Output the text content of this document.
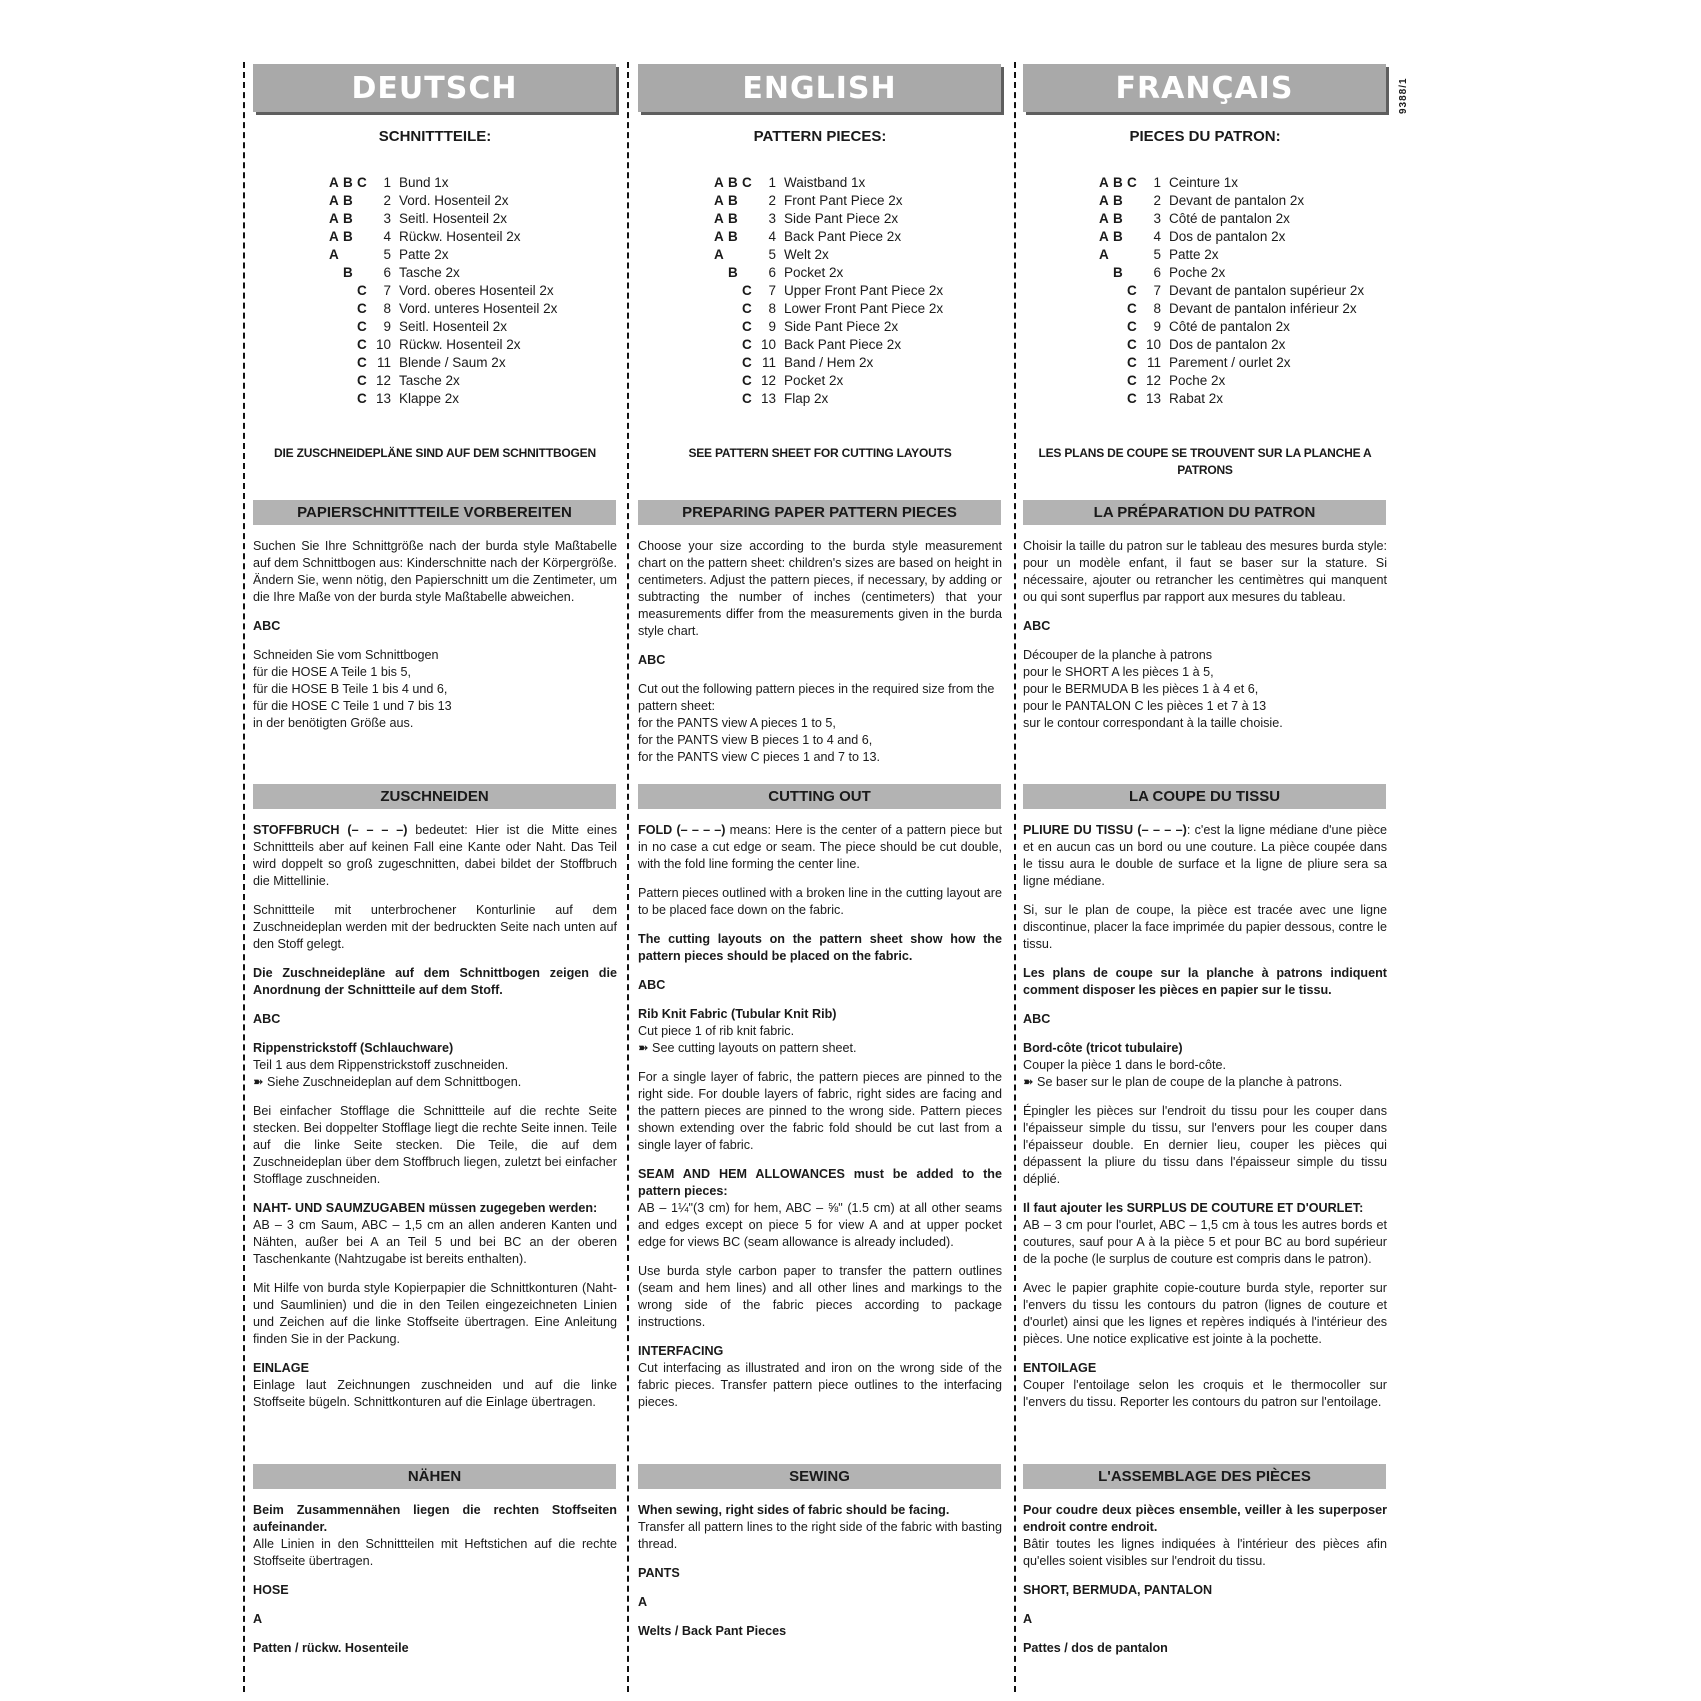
9388/1
DEUTSCH
SCHNITTTEILE:
A B C	1 Bund 1x
A B	2 Vord. Hosenteil 2x
A B	3 Seitl. Hosenteil 2x
A B	4 Rückw. Hosenteil 2x
A	5 Patte 2x
B	6 Tasche 2x
C	7 Vord. oberes Hosenteil 2x
C	8 Vord. unteres Hosenteil 2x
C	9 Seitl. Hosenteil 2x
C 10 Rückw. Hosenteil 2x
C 11 Blende / Saum 2x
C 12 Tasche 2x
C 13 Klappe 2x
DIE ZUSCHNEIDEPLÄNE SIND AUF DEM SCHNITTBOGEN
PAPIERSCHNITTTEILE VORBEREITEN

Suchen Sie Ihre Schnittgröße nach der burda style Maßtabelle auf dem Schnittbogen aus: Kinderschnitte nach der Körpergröße. Ändern Sie, wenn nötig, den Papierschnitt um die Zentimeter, um die Ihre Maße von der burda style Maßtabelle abweichen.

ABC

Schneiden Sie vom Schnittbogen

für die HOSE A Teile 1 bis 5,

für die HOSE B Teile 1 bis 4 und 6,

für die HOSE C Teile 1 und 7 bis 13

in der benötigten Größe aus.

ZUSCHNEIDEN

STOFFBRUCH (– – – –) bedeutet: Hier ist die Mitte eines Schnittteils aber auf keinen Fall eine Kante oder Naht. Das Teil wird doppelt so groß zugeschnitten, dabei bildet der Stoffbruch die Mittellinie.

Schnittteile mit unterbrochener Konturlinie auf dem Zuschneideplan werden mit der bedruckten Seite nach unten auf den Stoff gelegt.

Die Zuschneidepläne auf dem Schnittbogen zeigen die Anordnung der Schnittteile auf dem Stoff.

ABC

Rippenstrickstoff (Schlauchware)

Teil 1 aus dem Rippenstrickstoff zuschneiden.

➽ Siehe Zuschneideplan auf dem Schnittbogen.

Bei einfacher Stofflage die Schnittteile auf die rechte Seite stecken. Bei doppelter Stofflage liegt die rechte Seite innen. Teile auf die linke Seite stecken. Die Teile, die auf dem Zuschneideplan über dem Stoffbruch liegen, zuletzt bei einfacher Stofflage zuschneiden.

NAHT- UND SAUMZUGABEN müssen zugegeben werden:

AB – 3 cm Saum, ABC – 1,5 cm an allen anderen Kanten und Nähten, außer bei A an Teil 5 und bei BC an der oberen Taschenkante (Nahtzugabe ist bereits enthalten).

Mit Hilfe von burda style Kopierpapier die Schnittkonturen (Naht- und Saumlinien) und die in den Teilen eingezeichneten Linien und Zeichen auf die linke Stoffseite übertragen. Eine Anleitung finden Sie in der Packung.

EINLAGE

Einlage laut Zeichnungen zuschneiden und auf die linke Stoffseite bügeln. Schnittkonturen auf die Einlage übertragen.

NÄHEN

Beim Zusammennähen liegen die rechten Stoffseiten aufeinander.

Alle Linien in den Schnittteilen mit Heftstichen auf die rechte Stoffseite übertragen.

HOSE

A

Patten / rückw. Hosenteile

ENGLISH
PATTERN PIECES:
A B C	1 Waistband 1x
A B	2 Front Pant Piece 2x
A B	3 Side Pant Piece 2x
A B	4 Back Pant Piece 2x
A	5 Welt 2x
B	6 Pocket 2x
C	7 Upper Front Pant Piece 2x
C	8 Lower Front Pant Piece 2x
C	9 Side Pant Piece 2x
C 10 Back Pant Piece 2x
C 11 Band / Hem 2x
C 12 Pocket 2x
C 13 Flap 2x
SEE PATTERN SHEET FOR CUTTING LAYOUTS
PREPARING PAPER PATTERN PIECES

Choose your size according to the burda style measurement chart on the pattern sheet: children's sizes are based on height in centimeters. Adjust the pattern pieces, if necessary, by adding or subtracting the number of inches (centimeters) that your measurements differ from the measurements given in the burda style chart.

ABC

Cut out the following pattern pieces in the required size from the pattern sheet:

for the PANTS view A pieces 1 to 5,

for the PANTS view B pieces 1 to 4 and 6,

for the PANTS view C pieces 1 and 7 to 13.

CUTTING OUT

FOLD (– – – –) means: Here is the center of a pattern piece but in no case a cut edge or seam. The piece should be cut double, with the fold line forming the center line.

Pattern pieces outlined with a broken line in the cutting layout are to be placed face down on the fabric.

The cutting layouts on the pattern sheet show how the pattern pieces should be placed on the fabric.

ABC

Rib Knit Fabric (Tubular Knit Rib)

Cut piece 1 of rib knit fabric.

➽ See cutting layouts on pattern sheet.

For a single layer of fabric, the pattern pieces are pinned to the right side. For double layers of fabric, right sides are facing and the pattern pieces are pinned to the wrong side. Pattern pieces shown extending over the fabric fold should be cut last from a single layer of fabric.

SEAM AND HEM ALLOWANCES must be added to the pattern pieces:

AB – 1¼"(3 cm) for hem, ABC – ⅝" (1.5 cm) at all other seams and edges except on piece 5 for view A and at upper pocket edge for views BC (seam allowance is already included).

Use burda style carbon paper to transfer the pattern outlines (seam and hem lines) and all other lines and markings to the wrong side of the fabric pieces according to package instructions.

INTERFACING

Cut interfacing as illustrated and iron on the wrong side of the fabric pieces. Transfer pattern piece outlines to the interfacing pieces.

SEWING

When sewing, right sides of fabric should be facing.

Transfer all pattern lines to the right side of the fabric with basting thread.

PANTS

A

Welts / Back Pant Pieces

FRANÇAIS
PIECES DU PATRON:
A B C	1 Ceinture 1x
A B	2 Devant de pantalon 2x
A B	3 Côté de pantalon 2x
A B	4 Dos de pantalon 2x
A	5 Patte 2x
B	6 Poche 2x
C	7 Devant de pantalon supérieur 2x
C	8 Devant de pantalon inférieur 2x
C	9 Côté de pantalon 2x
C 10 Dos de pantalon 2x
C 11 Parement / ourlet 2x
C 12 Poche 2x
C 13 Rabat 2x
LES PLANS DE COUPE SE TROUVENT SUR LA PLANCHE A PATRONS
LA PRÉPARATION DU PATRON

Choisir la taille du patron sur le tableau des mesures burda style: pour un modèle enfant, il faut se baser sur la stature. Si nécessaire, ajouter ou retrancher les centimètres qui manquent ou qui sont superflus par rapport aux mesures du tableau.

ABC

Découper de la planche à patrons

pour le SHORT A les pièces 1 à 5,

pour le BERMUDA B les pièces 1 à 4 et 6,

pour le PANTALON C les pièces 1 et 7 à 13

sur le contour correspondant à la taille choisie.

LA COUPE DU TISSU

PLIURE DU TISSU (– – – –): c'est la ligne médiane d'une pièce et en aucun cas un bord ou une couture. La pièce coupée dans le tissu aura le double de surface et la ligne de pliure sera sa ligne médiane.

Si, sur le plan de coupe, la pièce est tracée avec une ligne discontinue, placer la face imprimée du papier dessous, contre le tissu.

Les plans de coupe sur la planche à patrons indiquent comment disposer les pièces en papier sur le tissu.

ABC

Bord-côte (tricot tubulaire)

Couper la pièce 1 dans le bord-côte.

➽ Se baser sur le plan de coupe de la planche à patrons.

Épingler les pièces sur l'endroit du tissu pour les couper dans l'épaisseur simple du tissu, sur l'envers pour les couper dans l'épaisseur double. En dernier lieu, couper les pièces qui dépassent la pliure du tissu dans l'épaisseur simple du tissu déplié.

Il faut ajouter les SURPLUS DE COUTURE ET D'OURLET:

AB – 3 cm pour l'ourlet, ABC – 1,5 cm à tous les autres bords et coutures, sauf pour A à la pièce 5 et pour BC au bord supérieur de la poche (le surplus de couture est compris dans le patron).

Avec le papier graphite copie-couture burda style, reporter sur l'envers du tissu les contours du patron (lignes de couture et d'ourlet) ainsi que les lignes et repères indiqués à l'intérieur des pièces. Une notice explicative est jointe à la pochette.

ENTOILAGE

Couper l'entoilage selon les croquis et le thermocoller sur l'envers du tissu. Reporter les contours du patron sur l'entoilage.

L'ASSEMBLAGE DES PIÈCES

Pour coudre deux pièces ensemble, veiller à les superposer endroit contre endroit.

Bâtir toutes les lignes indiquées à l'intérieur des pièces afin qu'elles soient visibles sur l'endroit du tissu.

SHORT, BERMUDA, PANTALON

A

Pattes / dos de pantalon
